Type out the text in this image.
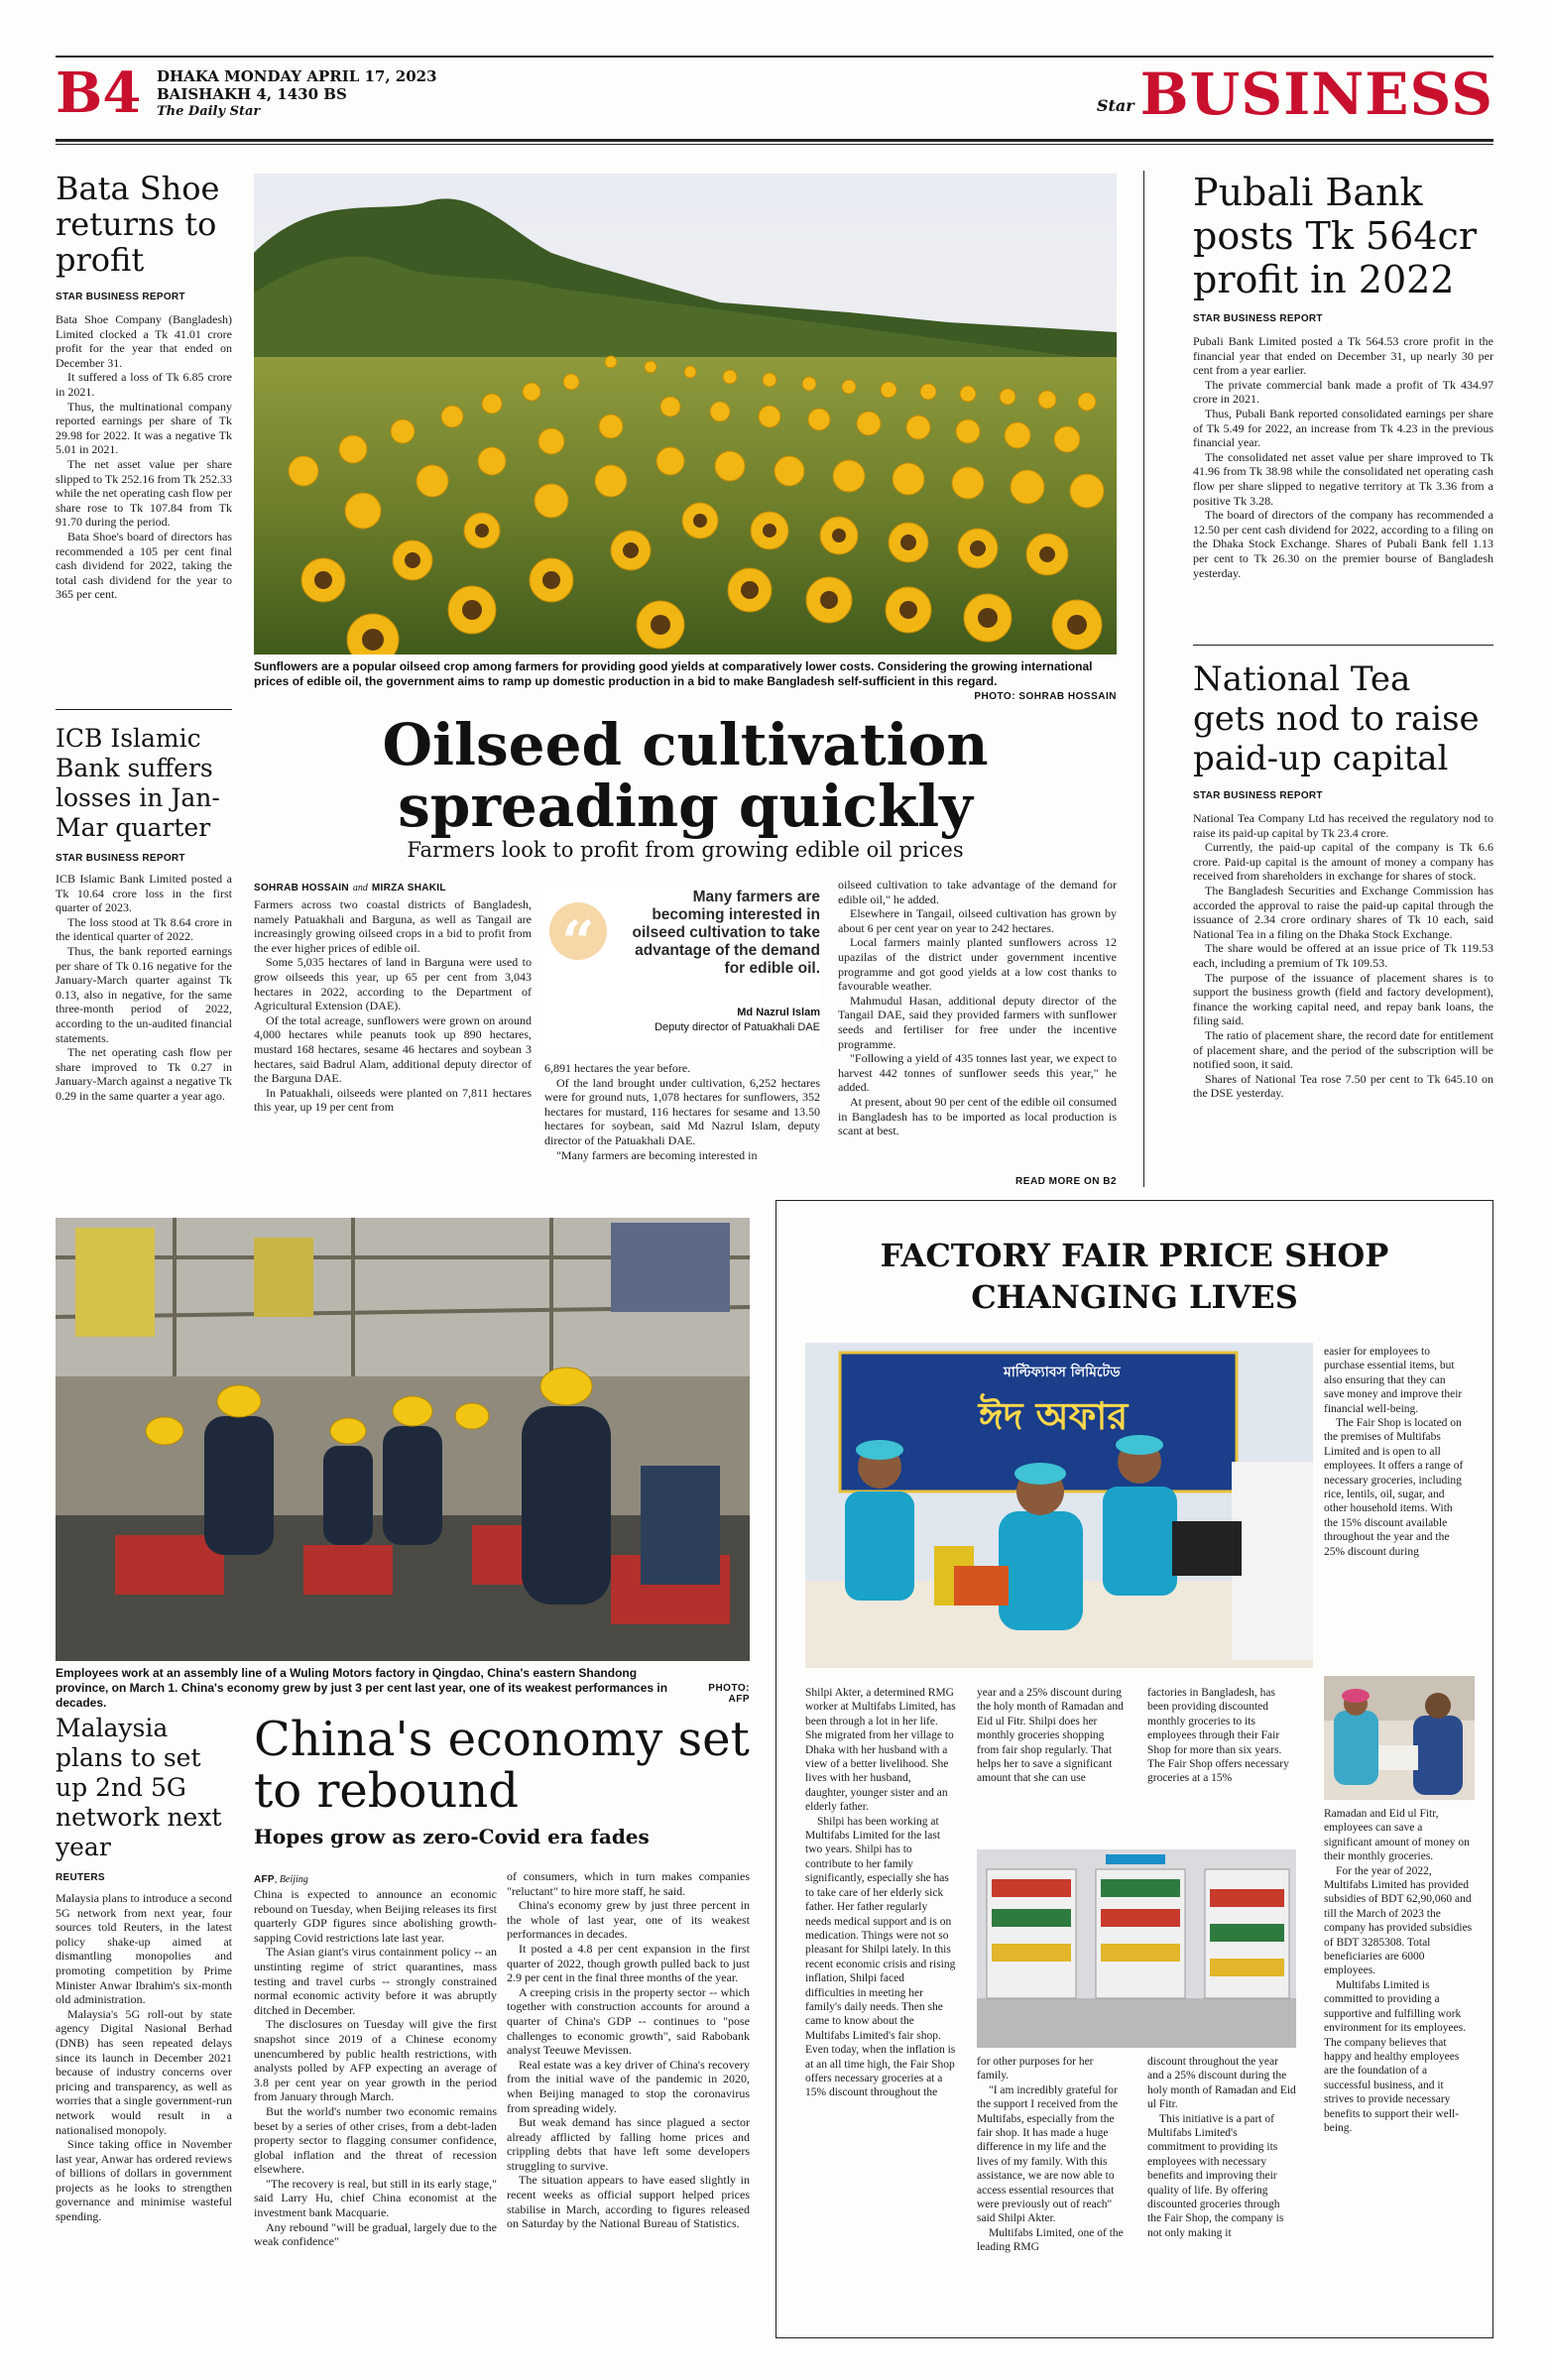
B4 DHAKA MONDAY APRIL 17, 2023
BAISHAKH 4, 1430 BS
The Daily Star	Star BUSINESS
Bata Shoe returns to profit
STAR BUSINESS REPORT

Bata Shoe Company (Bangladesh) Limited clocked a Tk 41.01 crore profit for the year that ended on December 31.

It suffered a loss of Tk 6.85 crore in 2021.

Thus, the multinational company reported earnings per share of Tk 29.98 for 2022. It was a negative Tk 5.01 in 2021.

The net asset value per share slipped to Tk 252.16 from Tk 252.33 while the net operating cash flow per share rose to Tk 107.84 from Tk 91.70 during the period.

Bata Shoe's board of directors has recommended a 105 per cent final cash dividend for 2022, taking the total cash dividend for the year to 365 per cent.

ICB Islamic Bank suffers losses in Jan-Mar quarter
STAR BUSINESS REPORT

ICB Islamic Bank Limited posted a Tk 10.64 crore loss in the first quarter of 2023.

The loss stood at Tk 8.64 crore in the identical quarter of 2022.

Thus, the bank reported earnings per share of Tk 0.16 negative for the January-March quarter against Tk 0.13, also in negative, for the same three-month period of 2022, according to the un-audited financial statements.

The net operating cash flow per share improved to Tk 0.27 in January-March against a negative Tk 0.29 in the same quarter a year ago.

Sunflowers are a popular oilseed crop among farmers for providing good yields at comparatively lower costs. Considering the growing international prices of edible oil, the government aims to ramp up domestic production in a bid to make Bangladesh self-sufficient in this regard.
PHOTO: SOHRAB HOSSAIN
Oilseed cultivation spreading quickly
Farmers look to profit from growing edible oil prices
SOHRAB HOSSAIN and MIRZA SHAKIL

Farmers across two coastal districts of Bangladesh, namely Patuakhali and Barguna, as well as Tangail are increasingly growing oilseed crops in a bid to profit from the ever higher prices of edible oil.

Some 5,035 hectares of land in Barguna were used to grow oilseeds this year, up 65 per cent from 3,043 hectares in 2022, according to the Department of Agricultural Extension (DAE).

Of the total acreage, sunflowers were grown on around 4,000 hectares while peanuts took up 890 hectares, mustard 168 hectares, sesame 46 hectares and soybean 3 hectares, said Badrul Alam, additional deputy director of the Barguna DAE.

In Patuakhali, oilseeds were planted on 7,811 hectares this year, up 19 per cent from

“
Many farmers are becoming interested in oilseed cultivation to take advantage of the demand for edible oil.
Md Nazrul Islam
Deputy director of Patuakhali DAE

6,891 hectares the year before.

Of the land brought under cultivation, 6,252 hectares were for ground nuts, 1,078 hectares for sunflowers, 352 hectares for mustard, 116 hectares for sesame and 13.50 hectares for soybean, said Md Nazrul Islam, deputy director of the Patuakhali DAE.

"Many farmers are becoming interested in

oilseed cultivation to take advantage of the demand for edible oil," he added.

Elsewhere in Tangail, oilseed cultivation has grown by about 6 per cent year on year to 242 hectares.

Local farmers mainly planted sunflowers across 12 upazilas of the district under government incentive programme and got good yields at a low cost thanks to favourable weather.

Mahmudul Hasan, additional deputy director of the Tangail DAE, said they provided farmers with sunflower seeds and fertiliser for free under the incentive programme.

"Following a yield of 435 tonnes last year, we expect to harvest 442 tonnes of sunflower seeds this year," he added.

At present, about 90 per cent of the edible oil consumed in Bangladesh has to be imported as local production is scant at best.

READ MORE ON B2
Pubali Bank posts Tk 564cr profit in 2022
STAR BUSINESS REPORT

Pubali Bank Limited posted a Tk 564.53 crore profit in the financial year that ended on December 31, up nearly 30 per cent from a year earlier.

The private commercial bank made a profit of Tk 434.97 crore in 2021.

Thus, Pubali Bank reported consolidated earnings per share of Tk 5.49 for 2022, an increase from Tk 4.23 in the previous financial year.

The consolidated net asset value per share improved to Tk 41.96 from Tk 38.98 while the consolidated net operating cash flow per share slipped to negative territory at Tk 3.36 from a positive Tk 3.28.

The board of directors of the company has recommended a 12.50 per cent cash dividend for 2022, according to a filing on the Dhaka Stock Exchange. Shares of Pubali Bank fell 1.13 per cent to Tk 26.30 on the premier bourse of Bangladesh yesterday.

National Tea gets nod to raise paid-up capital
STAR BUSINESS REPORT

National Tea Company Ltd has received the regulatory nod to raise its paid-up capital by Tk 23.4 crore.

Currently, the paid-up capital of the company is Tk 6.6 crore. Paid-up capital is the amount of money a company has received from shareholders in exchange for shares of stock.

The Bangladesh Securities and Exchange Commission has accorded the approval to raise the paid-up capital through the issuance of 2.34 crore ordinary shares of Tk 10 each, said National Tea in a filing on the Dhaka Stock Exchange.

The share would be offered at an issue price of Tk 119.53 each, including a premium of Tk 109.53.

The purpose of the issuance of placement shares is to support the business growth (field and factory development), finance the working capital need, and repay bank loans, the filing said.

The ratio of placement share, the record date for entitlement of placement share, and the period of the subscription will be notified soon, it said.

Shares of National Tea rose 7.50 per cent to Tk 645.10 on the DSE yesterday.

Employees work at an assembly line of a Wuling Motors factory in Qingdao, China's eastern Shandong province, on March 1. China's economy grew by just 3 per cent last year, one of its weakest performances in decades.
PHOTO: AFP
Malaysia plans to set up 2nd 5G network next year
REUTERS

Malaysia plans to introduce a second 5G network from next year, four sources told Reuters, in the latest policy shake-up aimed at dismantling monopolies and promoting competition by Prime Minister Anwar Ibrahim's six-month old administration.

Malaysia's 5G roll-out by state agency Digital Nasional Berhad (DNB) has seen repeated delays since its launch in December 2021 because of industry concerns over pricing and transparency, as well as worries that a single government-run network would result in a nationalised monopoly.

Since taking office in November last year, Anwar has ordered reviews of billions of dollars in government projects as he looks to strengthen governance and minimise wasteful spending.

China's economy set to rebound
Hopes grow as zero-Covid era fades
AFP, Beijing

China is expected to announce an economic rebound on Tuesday, when Beijing releases its first quarterly GDP figures since abolishing growth-sapping Covid restrictions late last year.

The Asian giant's virus containment policy -- an unstinting regime of strict quarantines, mass testing and travel curbs -- strongly constrained normal economic activity before it was abruptly ditched in December.

The disclosures on Tuesday will give the first snapshot since 2019 of a Chinese economy unencumbered by public health restrictions, with analysts polled by AFP expecting an average of 3.8 per cent year on year growth in the period from January through March.

But the world's number two economic remains beset by a series of other crises, from a debt-laden property sector to flagging consumer confidence, global inflation and the threat of recession elsewhere.

"The recovery is real, but still in its early stage," said Larry Hu, chief China economist at the investment bank Macquarie.

Any rebound "will be gradual, largely due to the weak confidence"

of consumers, which in turn makes companies "reluctant" to hire more staff, he said.

China's economy grew by just three percent in the whole of last year, one of its weakest performances in decades.

It posted a 4.8 per cent expansion in the first quarter of 2022, though growth pulled back to just 2.9 per cent in the final three months of the year.

A creeping crisis in the property sector -- which together with construction accounts for around a quarter of China's GDP -- continues to "pose challenges to economic growth", said Rabobank analyst Teeuwe Mevissen.

Real estate was a key driver of China's recovery from the initial wave of the pandemic in 2020, when Beijing managed to stop the coronavirus from spreading widely.

But weak demand has since plagued a sector already afflicted by falling home prices and crippling debts that have left some developers struggling to survive.

The situation appears to have eased slightly in recent weeks as official support helped prices stabilise in March, according to figures released on Saturday by the National Bureau of Statistics.

FACTORY FAIR PRICE SHOP
CHANGING LIVES
মাল্টিফ্যাবস লিমিটেড
ঈদ অফার

easier for employees to purchase essential items, but also ensuring that they can save money and improve their financial well-being.

The Fair Shop is located on the premises of Multifabs Limited and is open to all employees. It offers a range of necessary groceries, including rice, lentils, oil, sugar, and other household items. With the 15% discount available throughout the year and the 25% discount during

Shilpi Akter, a determined RMG worker at Multifabs Limited, has been through a lot in her life. She migrated from her village to Dhaka with her husband with a view of a better livelihood. She lives with her husband, daughter, younger sister and an elderly father.

Shilpi has been working at Multifabs Limited for the last two years. Shilpi has to contribute to her family significantly, especially she has to take care of her elderly sick father. Her father regularly needs medical support and is on medication. Things were not so pleasant for Shilpi lately. In this recent economic crisis and rising inflation, Shilpi faced difficulties in meeting her family's daily needs. Then she came to know about the Multifabs Limited's fair shop. Even today, when the inflation is at an all time high, the Fair Shop offers necessary groceries at a 15% discount throughout the

year and a 25% discount during the holy month of Ramadan and Eid ul Fitr. Shilpi does her monthly groceries shopping from fair shop regularly. That helps her to save a significant amount that she can use

factories in Bangladesh, has been providing discounted monthly groceries to its employees through their Fair Shop for more than six years. The Fair Shop offers necessary groceries at a 15%

for other purposes for her family.

"I am incredibly grateful for the support I received from the Multifabs, especially from the fair shop. It has made a huge difference in my life and the lives of my family. With this assistance, we are now able to access essential resources that were previously out of reach" said Shilpi Akter.

Multifabs Limited, one of the leading RMG

discount throughout the year and a 25% discount during the holy month of Ramadan and Eid ul Fitr.

This initiative is a part of Multifabs Limited's commitment to providing its employees with necessary benefits and improving their quality of life. By offering discounted groceries through the Fair Shop, the company is not only making it

Ramadan and Eid ul Fitr, employees can save a significant amount of money on their monthly groceries.

For the year of 2022, Multifabs Limited has provided subsidies of BDT 62,90,060 and till the March of 2023 the company has provided subsidies of BDT 3285308. Total beneficiaries are 6000 employees.

Multifabs Limited is committed to providing a supportive and fulfilling work environment for its employees. The company believes that happy and healthy employees are the foundation of a successful business, and it strives to provide necessary benefits to support their well-being.
